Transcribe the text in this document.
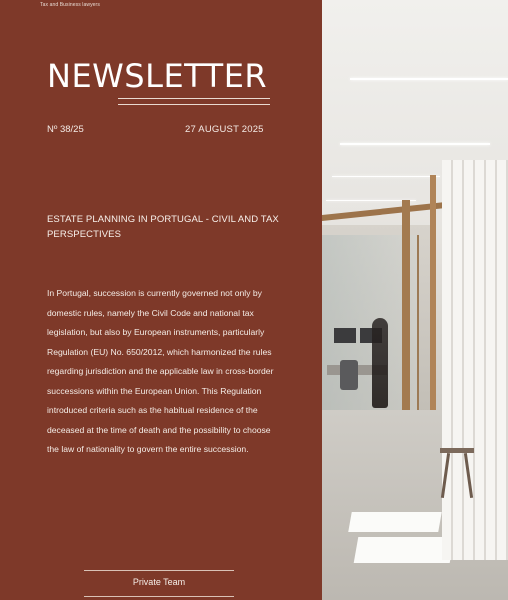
Tax and Business lawyers
NEWSLETTER
Nº 38/25	27 AUGUST 2025
ESTATE PLANNING IN PORTUGAL - CIVIL AND TAX PERSPECTIVES

In Portugal, succession is currently governed not only by domestic rules, namely the Civil Code and national tax legislation, but also by European instruments, particularly Regulation (EU) No. 650/2012, which harmonized the rules regarding jurisdiction and the applicable law in cross-border successions within the European Union. This Regulation introduced criteria such as the habitual residence of the deceased at the time of death and the possibility to choose the law of nationality to govern the entire succession.

Private Team
